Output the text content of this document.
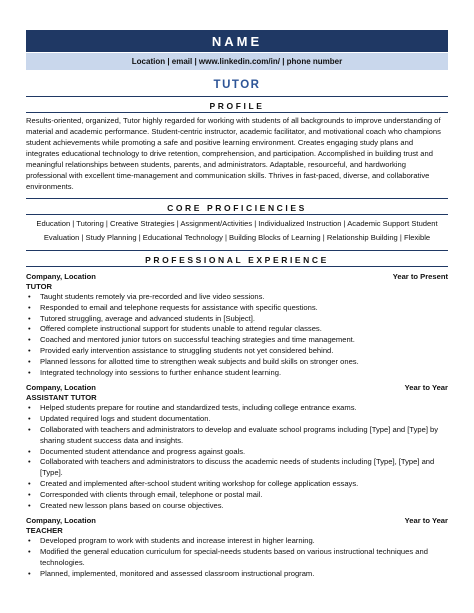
NAME
Location | email | www.linkedin.com/in/ | phone number
TUTOR
PROFILE
Results-oriented, organized, Tutor highly regarded for working with students of all backgrounds to improve understanding of material and academic performance. Student-centric instructor, academic facilitator, and motivational coach who champions student achievements while promoting a safe and positive learning environment. Creates engaging study plans and integrates educational technology to drive retention, comprehension, and participation. Accomplished in building trust and meaningful relationships between students, parents, and administrators. Adaptable, resourceful, and hardworking professional with excellent time-management and communication skills. Thrives in fast-paced, diverse, and collaborative environments.
CORE PROFICIENCIES
Education | Tutoring | Creative Strategies | Assignment/Activities | Individualized Instruction | Academic Support Student Evaluation | Study Planning | Educational Technology | Building Blocks of Learning | Relationship Building | Flexible
PROFESSIONAL EXPERIENCE
Company, Location	Year to Present
TUTOR
• Taught students remotely via pre-recorded and live video sessions.
• Responded to email and telephone requests for assistance with specific questions.
• Tutored struggling, average and advanced students in [Subject].
• Offered complete instructional support for students unable to attend regular classes.
• Coached and mentored junior tutors on successful teaching strategies and time management.
• Provided early intervention assistance to struggling students not yet considered behind.
• Planned lessons for allotted time to strengthen weak subjects and build skills on stronger ones.
• Integrated technology into sessions to further enhance student learning.
Company, Location	Year to Year
ASSISTANT TUTOR
• Helped students prepare for routine and standardized tests, including college entrance exams.
• Updated required logs and student documentation.
• Collaborated with teachers and administrators to develop and evaluate school programs including [Type] and [Type] by sharing student success data and insights.
• Documented student attendance and progress against goals.
• Collaborated with teachers and administrators to discuss the academic needs of students including [Type], [Type] and [Type].
• Created and implemented after-school student writing workshop for college application essays.
• Corresponded with clients through email, telephone or postal mail.
• Created new lesson plans based on course objectives.
Company, Location	Year to Year
TEACHER
• Developed program to work with students and increase interest in higher learning.
• Modified the general education curriculum for special-needs students based on various instructional techniques and technologies.
• Planned, implemented, monitored and assessed classroom instructional program.
